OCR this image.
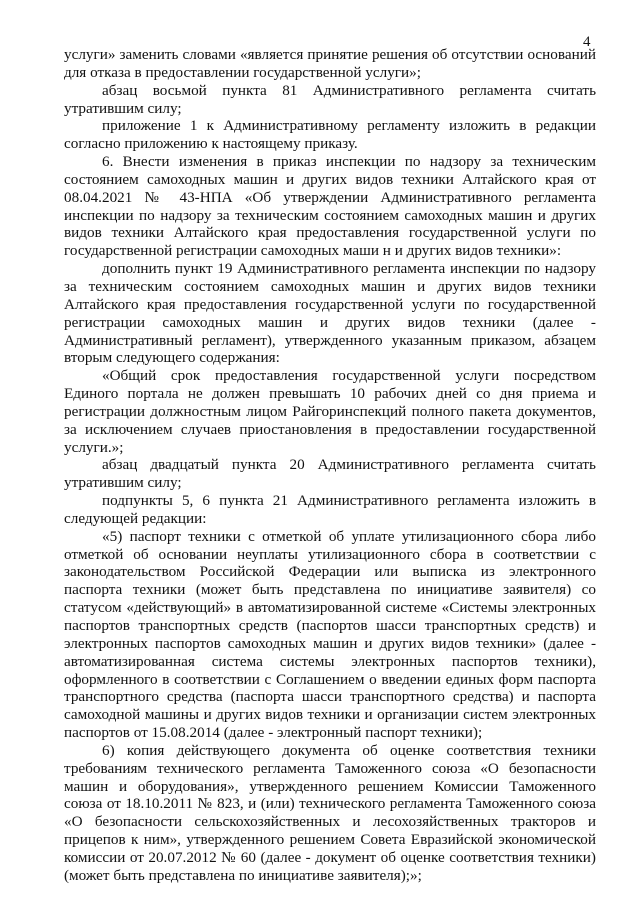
4

услуги» заменить словами «является принятие решения об отсутствии оснований для отказа в предоставлении государственной услуги»;

абзац восьмой пункта 81 Административного регламента считать утратившим силу;

приложение 1 к Административному регламенту изложить в редакции согласно приложению к настоящему приказу.

6. Внести изменения в приказ инспекции по надзору за техническим состоянием самоходных машин и других видов техники Алтайского края от 08.04.2021 № 43-НПА «Об утверждении Административного регламента инспекции по надзору за техническим состоянием самоходных машин и других видов техники Алтайского края предоставления государственной услуги по государственной регистрации самоходных маши н и других видов техники»:

дополнить пункт 19 Административного регламента инспекции по надзору за техническим состоянием самоходных машин и других видов техники Алтайского края предоставления государственной услуги по государственной регистрации самоходных машин и других видов техники (далее - Административный регламент), утвержденного указанным приказом, абзацем вторым следующего содержания:

«Общий срок предоставления государственной услуги посредством Единого портала не должен превышать 10 рабочих дней со дня приема и регистрации должностным лицом Райгоринспекций полного пакета документов, за исключением случаев приостановления в предоставлении государственной услуги.»;

абзац двадцатый пункта 20 Административного регламента считать утратившим силу;

подпункты 5, 6 пункта 21 Административного регламента изложить в следующей редакции:

«5) паспорт техники с отметкой об уплате утилизационного сбора либо отметкой об основании неуплаты утилизационного сбора в соответствии с законодательством Российской Федерации или выписка из электронного паспорта техники (может быть представлена по инициативе заявителя) со статусом «действующий» в автоматизированной системе «Системы электронных паспортов транспортных средств (паспортов шасси транспортных средств) и электронных паспортов самоходных машин и других видов техники» (далее - автоматизированная система системы электронных паспортов техники), оформленного в соответствии с Соглашением о введении единых форм паспорта транспортного средства (паспорта шасси транспортного средства) и паспорта самоходной машины и других видов техники и организации систем электронных паспортов от 15.08.2014 (далее - электронный паспорт техники);

6) копия действующего документа об оценке соответствия техники требованиям технического регламента Таможенного союза «О безопасности машин и оборудования», утвержденного решением Комиссии Таможенного союза от 18.10.2011 № 823, и (или) технического регламента Таможенного союза «О безопасности сельскохозяйственных и лесохозяйственных тракторов и прицепов к ним», утвержденного решением Совета Евразийской экономической комиссии от 20.07.2012 № 60 (далее - документ об оценке соответствия техники) (может быть представлена по инициативе заявителя);»;
